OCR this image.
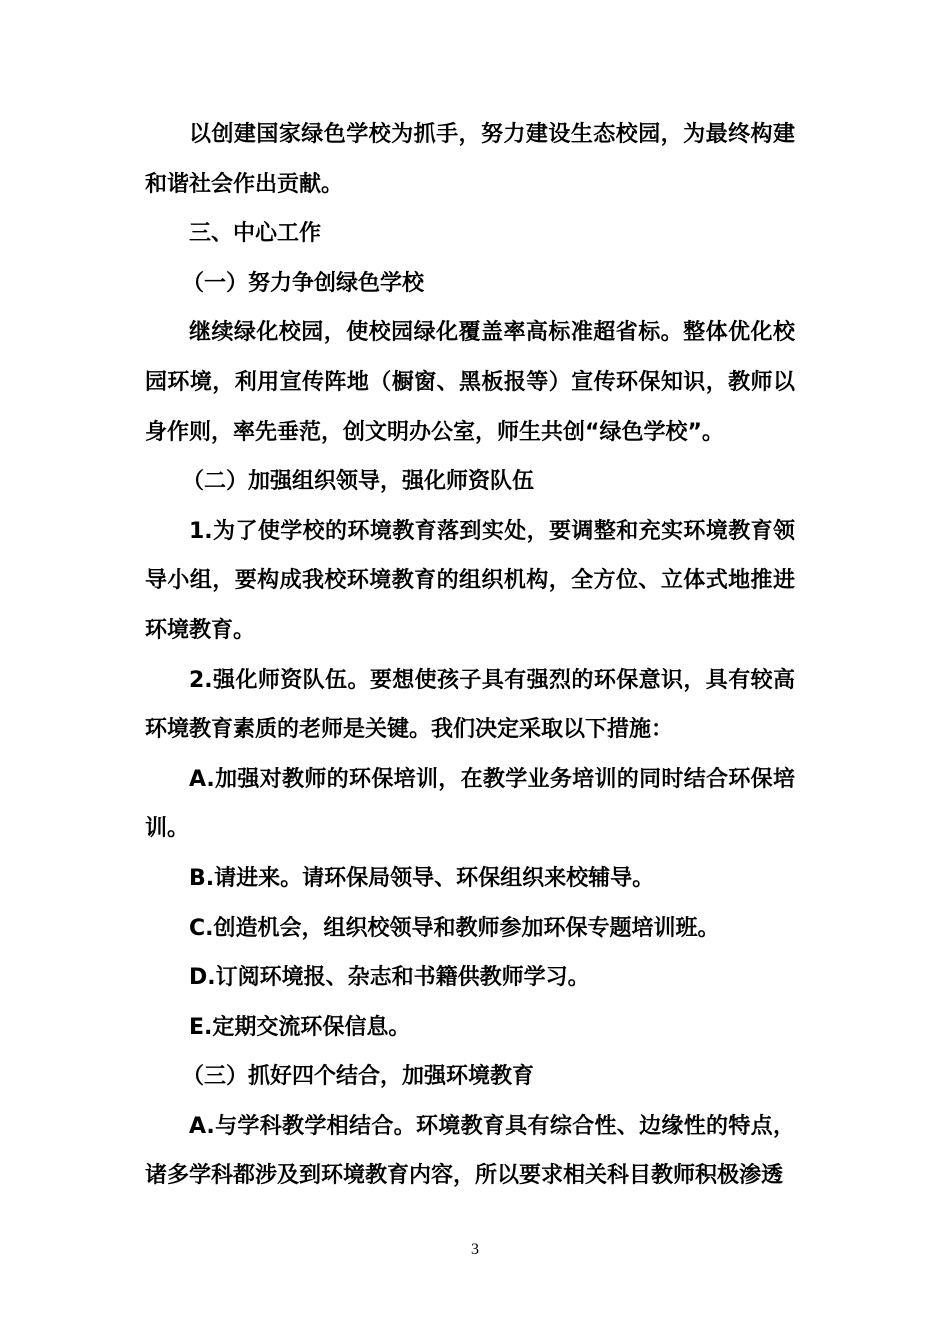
以创建国家绿色学校为抓手，努力建设生态校园，为最终构建和谐社会作出贡献。

三、中心工作

（一）努力争创绿色学校

继续绿化校园，使校园绿化覆盖率高标准超省标。整体优化校园环境，利用宣传阵地（橱窗、黑板报等）宣传环保知识，教师以身作则，率先垂范，创文明办公室，师生共创“绿色学校”。

（二）加强组织领导，强化师资队伍

1.为了使学校的环境教育落到实处，要调整和充实环境教育领导小组，要构成我校环境教育的组织机构，全方位、立体式地推进环境教育。

2.强化师资队伍。要想使孩子具有强烈的环保意识，具有较高环境教育素质的老师是关键。我们决定采取以下措施：

A.加强对教师的环保培训，在教学业务培训的同时结合环保培训。

B.请进来。请环保局领导、环保组织来校辅导。

C.创造机会，组织校领导和教师参加环保专题培训班。

D.订阅环境报、杂志和书籍供教师学习。

E.定期交流环保信息。

（三）抓好四个结合，加强环境教育

A.与学科教学相结合。环境教育具有综合性、边缘性的特点，诸多学科都涉及到环境教育内容，所以要求相关科目教师积极渗透

3
